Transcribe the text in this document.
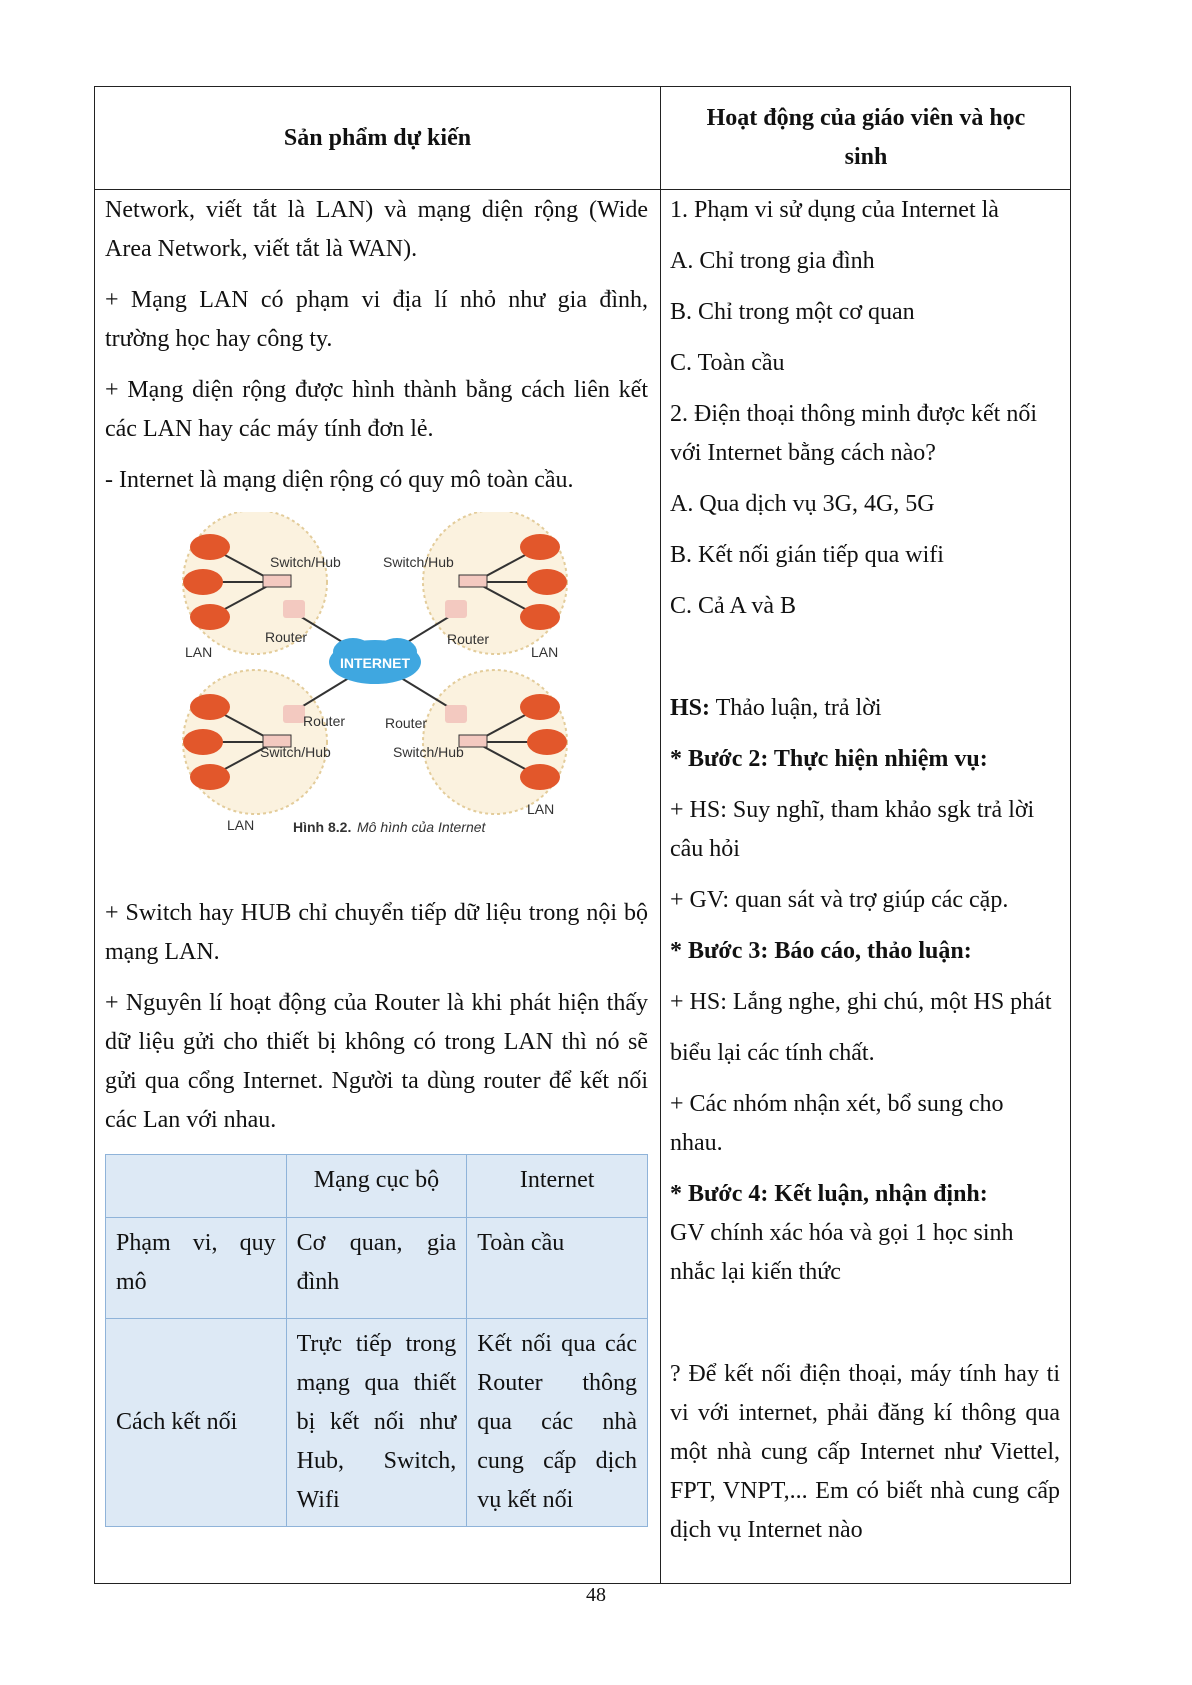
Sản phẩm dự kiến
Hoạt động của giáo viên và học sinh

Network, viết tắt là LAN) và mạng diện rộng (Wide Area Network, viết tắt là WAN).

+ Mạng LAN có phạm vi địa lí nhỏ như gia đình, trường học hay công ty.

+ Mạng diện rộng được hình thành bằng cách liên kết các LAN hay các máy tính đơn lẻ.

- Internet là mạng diện rộng có quy mô toàn cầu.

INTERNET
Switch/Hub	Switch/Hub
Switch/Hub	Switch/Hub
Router	Router
Router	Router
LAN	LAN
LAN
LAN
Hình 8.2. Mô hình của Internet

+ Switch hay HUB chỉ chuyển tiếp dữ liệu trong nội bộ mạng LAN.

+ Nguyên lí hoạt động của Router là khi phát hiện thấy dữ liệu gửi cho thiết bị không có trong LAN thì nó sẽ gửi qua cổng Internet. Người ta dùng router để kết nối các Lan với nhau.

	Mạng cục bộ	Internet
Phạm vi, quy mô	Cơ quan, gia đình	Toàn cầu
Cách kết nối	Trực tiếp trong mạng qua thiết bị kết nối như Hub, Switch, Wifi	Kết nối qua các Router thông qua các nhà cung cấp dịch vụ kết nối

1. Phạm vi sử dụng của Internet là

A. Chỉ trong gia đình

B. Chỉ trong một cơ quan

C. Toàn cầu

2. Điện thoại thông minh được kết nối với Internet bằng cách nào?

A. Qua dịch vụ 3G, 4G, 5G

B. Kết nối gián tiếp qua wifi

C. Cả A và B

HS: Thảo luận, trả lời

* Bước 2: Thực hiện nhiệm vụ:

+ HS: Suy nghĩ, tham khảo sgk trả lời câu hỏi

+ GV: quan sát và trợ giúp các cặp.

* Bước 3: Báo cáo, thảo luận:

+ HS: Lắng nghe, ghi chú, một HS phát

biểu lại các tính chất.

+ Các nhóm nhận xét, bổ sung cho nhau.

* Bước 4: Kết luận, nhận định:

GV chính xác hóa và gọi 1 học sinh nhắc lại kiến thức

? Để kết nối điện thoại, máy tính hay ti vi với internet, phải đăng kí thông qua một nhà cung cấp Internet như Viettel, FPT, VNPT,... Em có biết nhà cung cấp dịch vụ Internet nào

48
